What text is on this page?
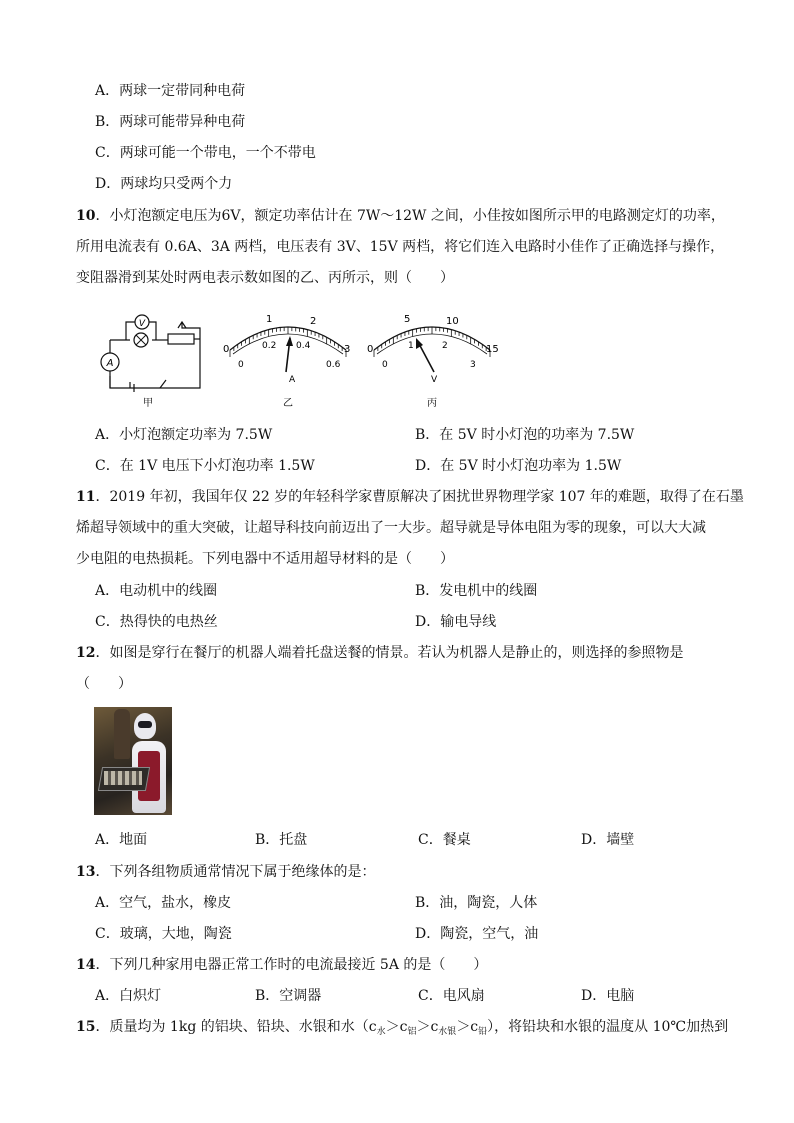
A．两球一定带同种电荷
B．两球可能带异种电荷
C．两球可能一个带电，一个不带电
D．两球均只受两个力
10．小灯泡额定电压为6V，额定功率估计在 7W～12W 之间，小佳按如图所示甲的电路测定灯的功率，
所用电流表有 0.6A、3A 两档，电压表有 3V、15V 两档，将它们连入电路时小佳作了正确选择与操作，
变阻器滑到某处时两电表示数如图的乙、丙所示，则（　　）
V
A
甲
1	2
0	0.2 0.4	3
0	0.6
A
乙
5	10
0	1	2	15
0	3
V
丙
A．小灯泡额定功率为 7.5W	B．在 5V 时小灯泡的功率为 7.5W
C．在 1V 电压下小灯泡功率 1.5W	D．在 5V 时小灯泡功率为 1.5W
11．2019 年初，我国年仅 22 岁的年轻科学家曹原解决了困扰世界物理学家 107 年的难题，取得了在石墨
烯超导领域中的重大突破，让超导科技向前迈出了一大步。超导就是导体电阻为零的现象，可以大大减
少电阻的电热损耗。下列电器中不适用超导材料的是（　　）
A．电动机中的线圈	B．发电机中的线圈
C．热得快的电热丝	D．输电导线
12．如图是穿行在餐厅的机器人端着托盘送餐的情景。若认为机器人是静止的，则选择的参照物是
（　　）
A．地面	B．托盘	C．餐桌	D．墙壁
13．下列各组物质通常情况下属于绝缘体的是：
A．空气，盐水，橡皮	B．油，陶瓷，人体
C．玻璃，大地，陶瓷	D．陶瓷，空气，油
14．下列几种家用电器正常工作时的电流最接近 5A 的是（　　）
A．白炽灯	B．空调器	C．电风扇	D．电脑
15．质量均为 1kg 的铝块、铅块、水银和水$(c_水>c_铝>c_{水银}>c_铅)$，将铅块和水银的温度从 10℃加热到
